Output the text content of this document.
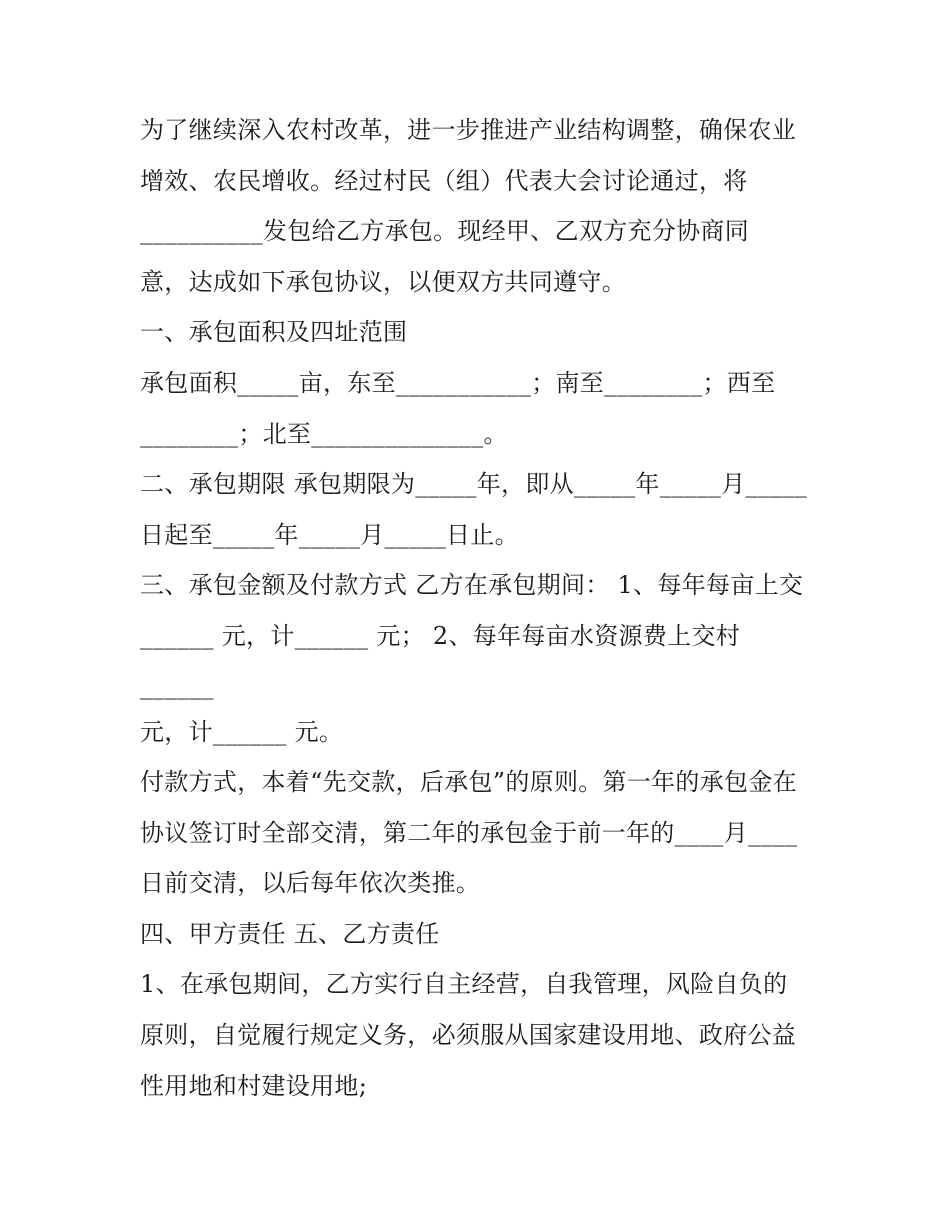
为了继续深入农村改革，进一步推进产业结构调整，确保农业
增效、农民增收。经过村民（组）代表大会讨论通过，将
__________发包给乙方承包。现经甲、乙双方充分协商同
意，达成如下承包协议，以便双方共同遵守。
一、承包面积及四址范围
承包面积_____亩，东至___________；南至________；西至
________；北至______________。
二、承包期限 承包期限为_____年，即从_____年_____月_____
日起至_____年_____月_____日止。
三、承包金额及付款方式 乙方在承包期间： 1、每年每亩上交
______ 元，计______ 元； 2、每年每亩水资源费上交村
______
元，计______ 元。
付款方式，本着“先交款，后承包”的原则。第一年的承包金在
协议签订时全部交清，第二年的承包金于前一年的____月____
日前交清，以后每年依次类推。
四、甲方责任 五、乙方责任
1、在承包期间，乙方实行自主经营，自我管理，风险自负的
原则，自觉履行规定义务，必须服从国家建设用地、政府公益
性用地和村建设用地;
